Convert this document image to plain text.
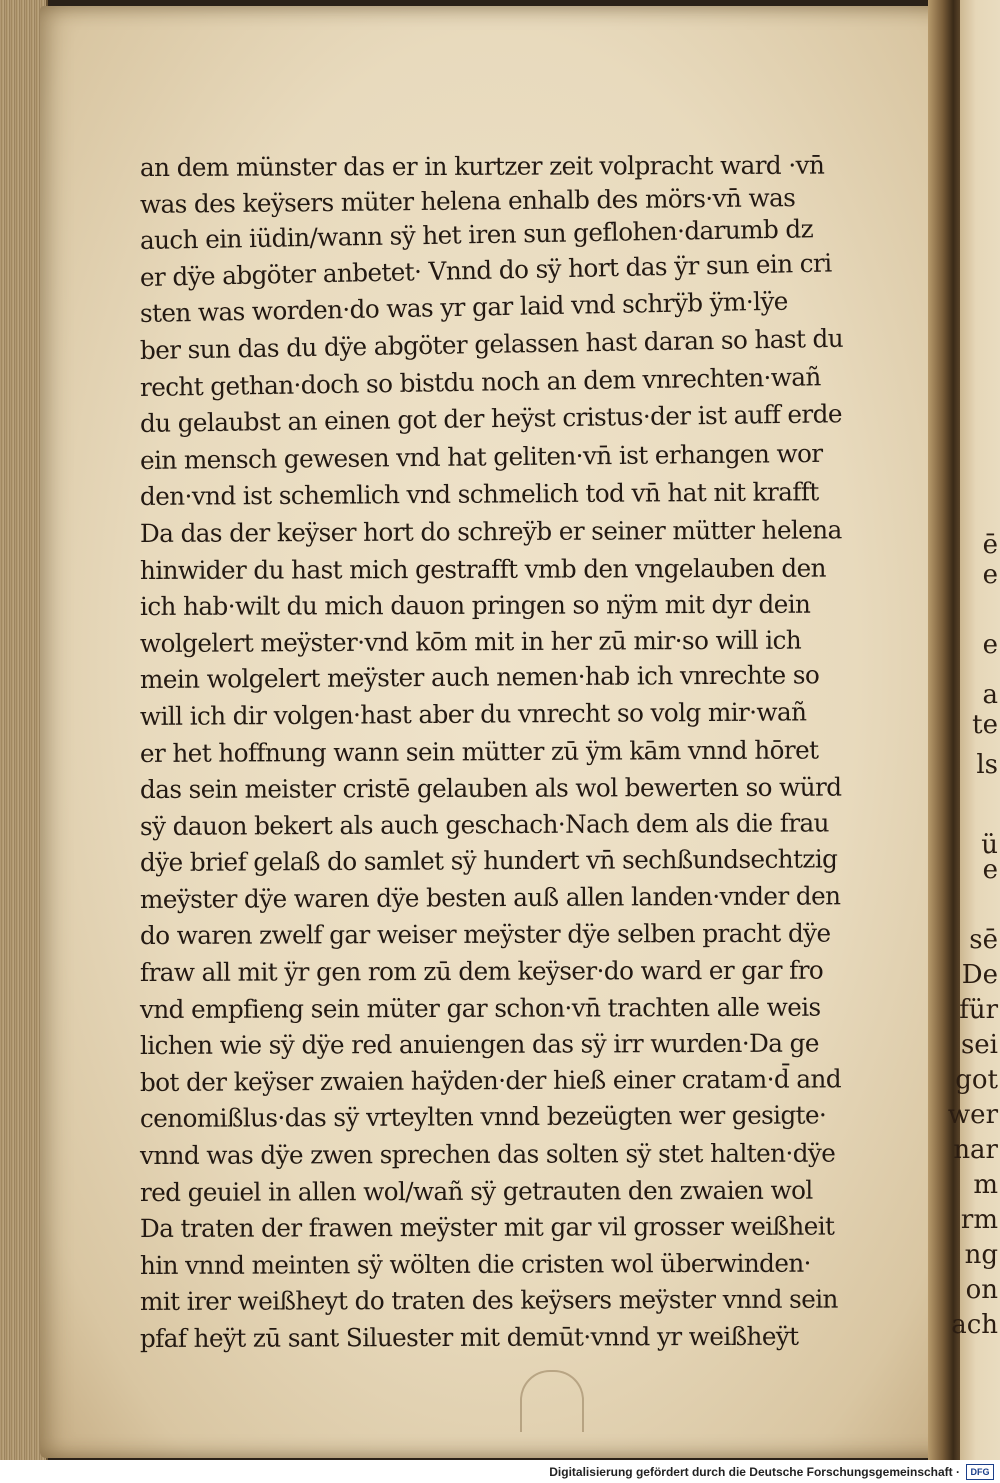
ē
e
e
a
te
ls
ü
e
sē
De
für
sei
got
wer
nar
m
rm
ng
on
ach
an dem münster das er in kurtzer zeit volpracht ward ·vn̄
was des keÿsers müter helena enhalb des mörs·vn̄ was
auch ein iüdin/wann sÿ het iren sun geflohen·darumb dz
er dÿe abgöter anbetet· Vnnd do sÿ hort das ÿr sun ein cri
sten was worden·do was yr gar laid vnd schrÿb ÿm·lÿe
ber sun das du dÿe abgöter gelassen hast daran so hast du
recht gethan·doch so bistdu noch an dem vnrechten·wañ
du gelaubst an einen got der heÿst cristus·der ist auff erde
ein mensch gewesen vnd hat geliten·vn̄ ist erhangen wor
den·vnd ist schemlich vnd schmelich tod vn̄ hat nit krafft
Da das der keÿser hort do schreÿb er seiner mütter helena
hinwider du hast mich gestrafft vmb den vngelauben den
ich hab·wilt du mich dauon pringen so nÿm mit dyr dein
wolgelert meÿster·vnd kōm mit in her zū mir·so will ich
mein wolgelert meÿster auch nemen·hab ich vnrechte so
will ich dir volgen·hast aber du vnrecht so volg mir·wañ
er het hoffnung wann sein mütter zū ÿm kām vnnd hōret
das sein meister cristē gelauben als wol bewerten so würd
sÿ dauon bekert als auch geschach·Nach dem als die frau
dÿe brief gelaß do samlet sÿ hundert vn̄ sechßundsechtzig
meÿster dÿe waren dÿe besten auß allen landen·vnder den
do waren zwelf gar weiser meÿster dÿe selben pracht dÿe
fraw all mit ÿr gen rom zū dem keÿser·do ward er gar fro
vnd empfieng sein müter gar schon·vn̄ trachten alle weis
lichen wie sÿ dÿe red anuiengen das sÿ irr wurden·Da ge
bot der keÿser zwaien haÿden·der hieß einer cratam·d̄ and
cenomißlus·das sÿ vrteylten vnnd bezeügten wer gesigte·
vnnd was dÿe zwen sprechen das solten sÿ stet halten·dÿe
red geuiel in allen wol/wañ sÿ getrauten den zwaien wol
Da traten der frawen meÿster mit gar vil grosser weißheit
hin vnnd meinten sÿ wölten die cristen wol überwinden·
mit irer weißheyt do traten des keÿsers meÿster vnnd sein
pfaf heÿt zū sant Siluester mit demūt·vnnd yr weißheÿt
Digitalisierung gefördert durch die Deutsche Forschungsgemeinschaft ·	DFG
